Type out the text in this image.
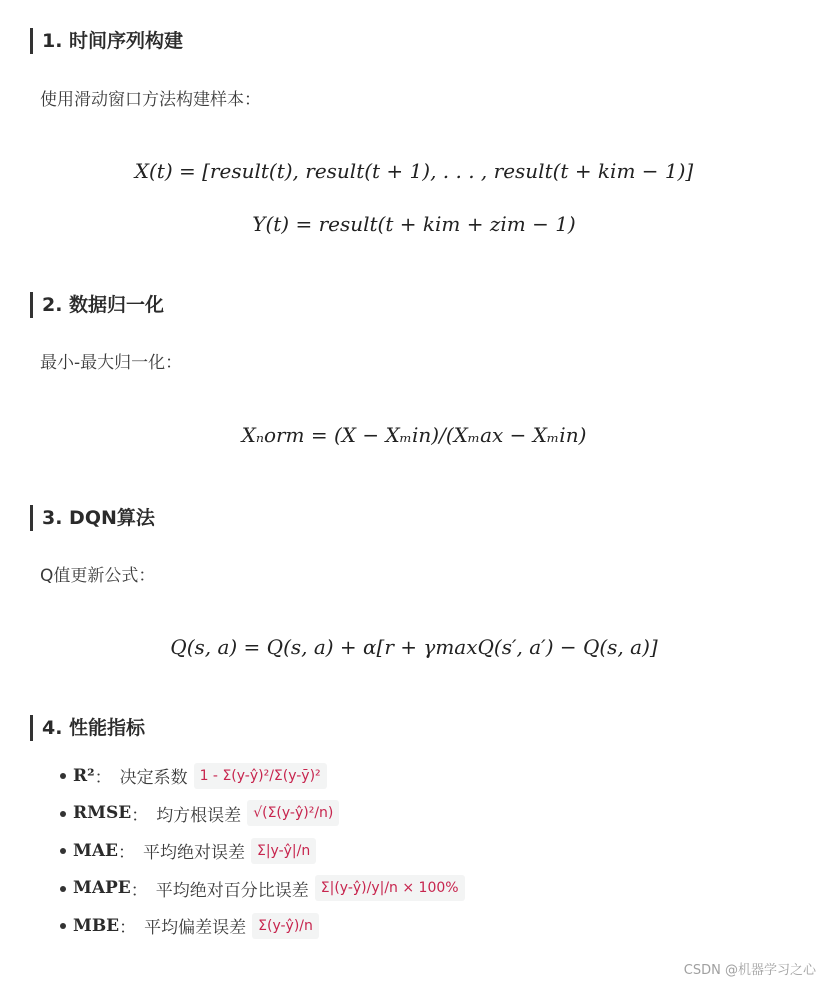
1. 时间序列构建
使用滑动窗口方法构建样本：
X(t) = [result(t), result(t + 1), . . . , result(t + kim − 1)]
Y(t) = result(t + kim + zim − 1)
2. 数据归一化
最小-最大归一化：
Xₙorm = (X − Xₘin)/(Xₘax − Xₘin)
3. DQN算法
Q值更新公式：
Q(s, a) = Q(s, a) + α[r + γmaxQ(s′, a′) − Q(s, a)]
4. 性能指标
R² ： 决定系数 1 - Σ(y-ŷ)²/Σ(y-ȳ)²
RMSE ： 均方根误差 √(Σ(y-ŷ)²/n)
MAE ： 平均绝对误差 Σ|y-ŷ|/n
MAPE ： 平均绝对百分比误差 Σ|(y-ŷ)/y|/n × 100%
MBE ： 平均偏差误差 Σ(y-ŷ)/n
CSDN @机器学习之心
